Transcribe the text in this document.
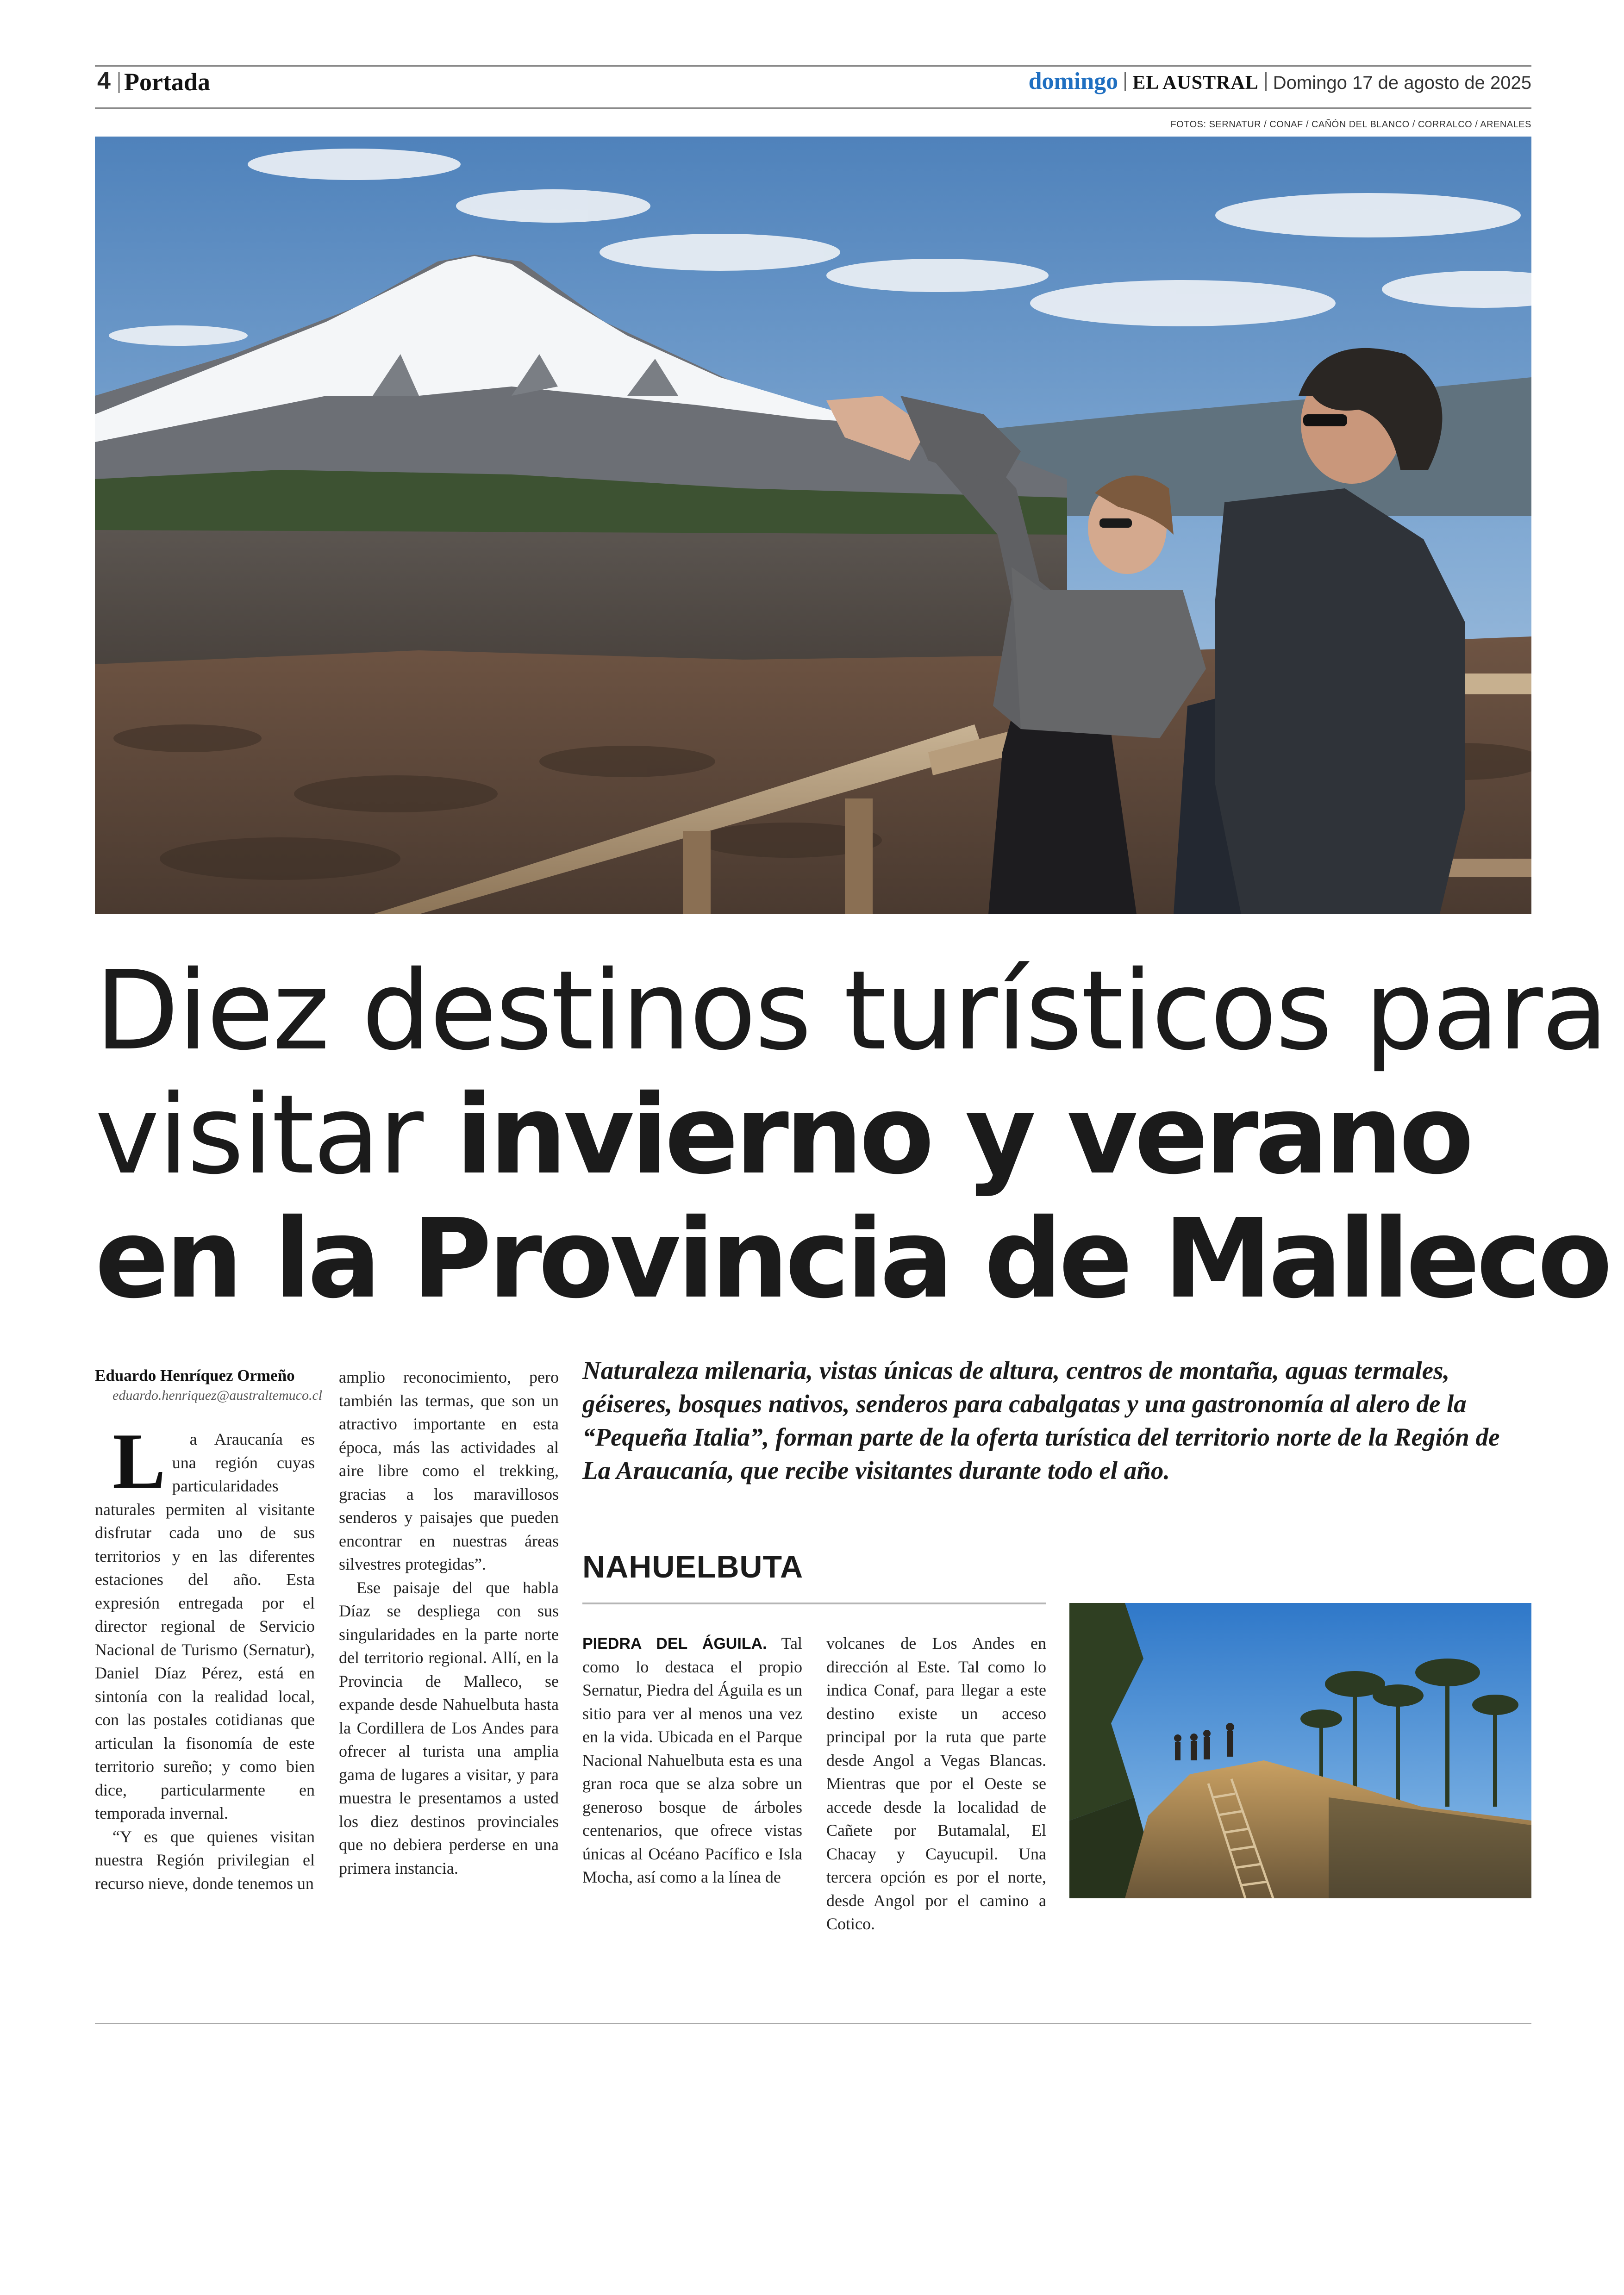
4 Portada	domingo EL AUSTRAL Domingo 17 de agosto de 2025
FOTOS: SERNATUR / CONAF / CAÑÓN DEL BLANCO / CORRALCO / ARENALES
Diez destinos turísticos para
visitar invierno y verano
en la Provincia de Malleco

Eduardo Henríquez Ormeño

eduardo.henriquez@australtemuco.cl

L a Araucanía es una región cuyas particularidades naturales permiten al visitante disfrutar cada uno de sus territorios y en las diferentes estaciones del año. Esta expresión entregada por el director regional de Servicio Nacional de Turismo (Sernatur), Daniel Díaz Pérez, está en sintonía con la realidad local, con las postales cotidianas que articulan la fisonomía de este territorio sureño; y como bien dice, particularmente en temporada invernal.

“Y es que quienes visitan nuestra Región privilegian el recurso nieve, donde tenemos un

amplio reconocimiento, pero también las termas, que son un atractivo importante en esta época, más las actividades al aire libre como el trekking, gracias a los maravillosos senderos y paisajes que pueden encontrar en nuestras áreas silvestres protegidas”.

Ese paisaje del que habla Díaz se despliega con sus singularidades en la parte norte del territorio regional. Allí, en la Provincia de Malleco, se expande desde Nahuelbuta hasta la Cordillera de Los Andes para ofrecer al turista una amplia gama de lugares a visitar, y para muestra le presentamos a usted los diez destinos provinciales que no debiera perderse en una primera instancia.

Naturaleza milenaria, vistas únicas de altura, centros de montaña, aguas termales, géiseres, bosques nativos, senderos para cabalgatas y una gastronomía al alero de la “Pequeña Italia”, forman parte de la oferta turística del territorio norte de la Región de La Araucanía, que recibe visitantes durante todo el año.
NAHUELBUTA

PIEDRA DEL ÁGUILA. Tal como lo destaca el propio Sernatur, Piedra del Águila es un sitio para ver al menos una vez en la vida. Ubicada en el Parque Nacional Nahuelbuta esta es una gran roca que se alza sobre un generoso bosque de árboles centenarios, que ofrece vistas únicas al Océano Pacífico e Isla Mocha, así como a la línea de

volcanes de Los Andes en dirección al Este. Tal como lo indica Conaf, para llegar a este destino existe un acceso principal por la ruta que parte desde Angol a Vegas Blancas. Mientras que por el Oeste se accede desde la localidad de Cañete por Butamalal, El Chacay y Cayucupil. Una tercera opción es por el norte, desde Angol por el camino a Cotico.
